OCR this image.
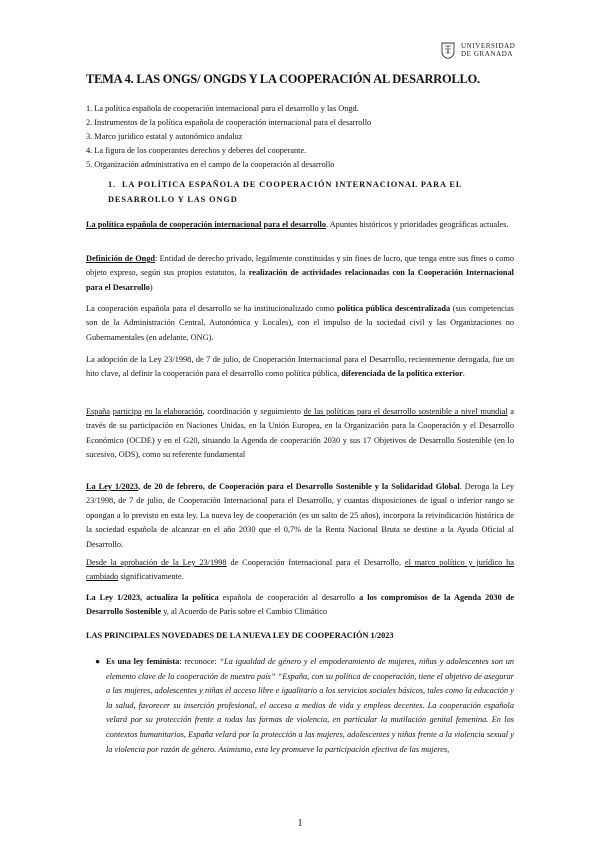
UNIVERSIDAD
DE GRANADA
TEMA 4. LAS ONGS/ ONGDS Y LA COOPERACIÓN AL DESARROLLO.
1. La política española de cooperación internacional para el desarrollo y las Ongd.
2. Instrumentos de la política española de cooperación internacional para el desarrollo
3. Marco jurídico estatal y autonómico andaluz
4. La figura de los cooperantes derechos y deberes del cooperante.
5. Organización administrativa en el campo de la cooperación al desarrollo
1. LA POLÍTICA ESPAÑOLA DE COOPERACIÓN INTERNACIONAL PARA EL DESARROLLO Y LAS ONGD

La política española de cooperación internacional para el desarrollo. Apuntes históricos y prioridades geográficas actuales.

Definición de Ongd: Entidad de derecho privado, legalmente constituidas y sin fines de lucro, que tenga entre sus fines o como objeto expreso, según sus propios estatutos, la realización de actividades relacionadas con la Cooperación Internacional para el Desarrollo)

La cooperación española para el desarrollo se ha institucionalizado como política pública descentralizada (sus competencias son de la Administración Central, Autonómica y Locales), con el impulso de la sociedad civil y las Organizaciones no Gubernamentales (en adelante, ONG).

La adopción de la Ley 23/1998, de 7 de julio, de Cooperación Internacional para el Desarrollo, recientemente derogada, fue un hito clave, al definir la cooperación para el desarrollo como política pública, diferenciada de la política exterior.

España participa en la elaboración, coordinación y seguimiento de las políticas para el desarrollo sostenible a nivel mundial a través de su participación en Naciones Unidas, en la Unión Europea, en la Organización para la Cooperación y el Desarrollo Económico (OCDE) y en el G20, situando la Agenda de cooperación 2030 y sus 17 Objetivos de Desarrollo Sostenible (en lo sucesivo, ODS), como su referente fundamental

La Ley 1/2023, de 20 de febrero, de Cooperación para el Desarrollo Sostenible y la Solidaridad Global. Deroga la Ley 23/1998, de 7 de julio, de Cooperación Internacional para el Desarrollo, y cuantas disposiciones de igual o inferior rango se opongan a lo previsto en esta ley. La nueva ley de cooperación (es un salto de 25 años), incorpora la reivindicación histórica de la sociedad española de alcanzar en el año 2030 que el 0,7% de la Renta Nacional Bruta se destine a la Ayuda Oficial al Desarrollo.

Desde la aprobación de la Ley 23/1998 de Cooperación Internacional para el Desarrollo, el marco político y jurídico ha cambiado significativamente.

La Ley 1/2023, actualiza la política española de cooperación al desarrollo a los compromisos de la Agenda 2030 de Desarrollo Sostenible y, al Acuerdo de París sobre el Cambio Climático

LAS PRINCIPALES NOVEDADES DE LA NUEVA LEY DE COOPERACIÓN 1/2023

● Es una ley feminista: reconoce: “La igualdad de género y el empoderamiento de mujeres, niñas y adolescentes son un elemento clave de la cooperación de nuestro país” “España, con su política de cooperación, tiene el objetivo de asegurar a las mujeres, adolescentes y niñas el acceso libre e igualitario a los servicios sociales básicos, tales como la educación y la salud, favorecer su inserción profesional, el acceso a medios de vida y empleos decentes. La cooperación española velará por su protección frente a todas las formas de violencia, en particular la mutilación genital femenina. En los contextos humanitarios, España velará por la protección a las mujeres, adolescentes y niñas frente a la violencia sexual y la violencia por razón de género. Asimismo, esta ley promueve la participación efectiva de las mujeres,

1
